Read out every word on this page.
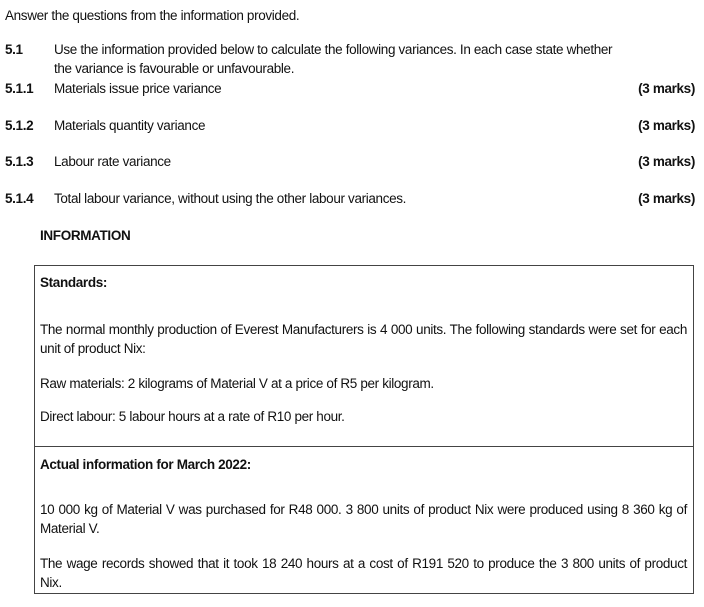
Answer the questions from the information provided.
5.1 Use the information provided below to calculate the following variances. In each case state whether
the variance is favourable or unfavourable.
5.1.1 Materials issue price variance	(3 marks)
5.1.2 Materials quantity variance	(3 marks)
5.1.3 Labour rate variance	(3 marks)
5.1.4 Total labour variance, without using the other labour variances.	(3 marks)
INFORMATION

Standards:

The normal monthly production of Everest Manufacturers is 4 000 units. The following standards were set for each unit of product Nix:

Raw materials: 2 kilograms of Material V at a price of R5 per kilogram.

Direct labour: 5 labour hours at a rate of R10 per hour.

Actual information for March 2022:

10 000 kg of Material V was purchased for R48 000. 3 800 units of product Nix were produced using 8 360 kg of Material V.

The wage records showed that it took 18 240 hours at a cost of R191 520 to produce the 3 800 units of product Nix.
